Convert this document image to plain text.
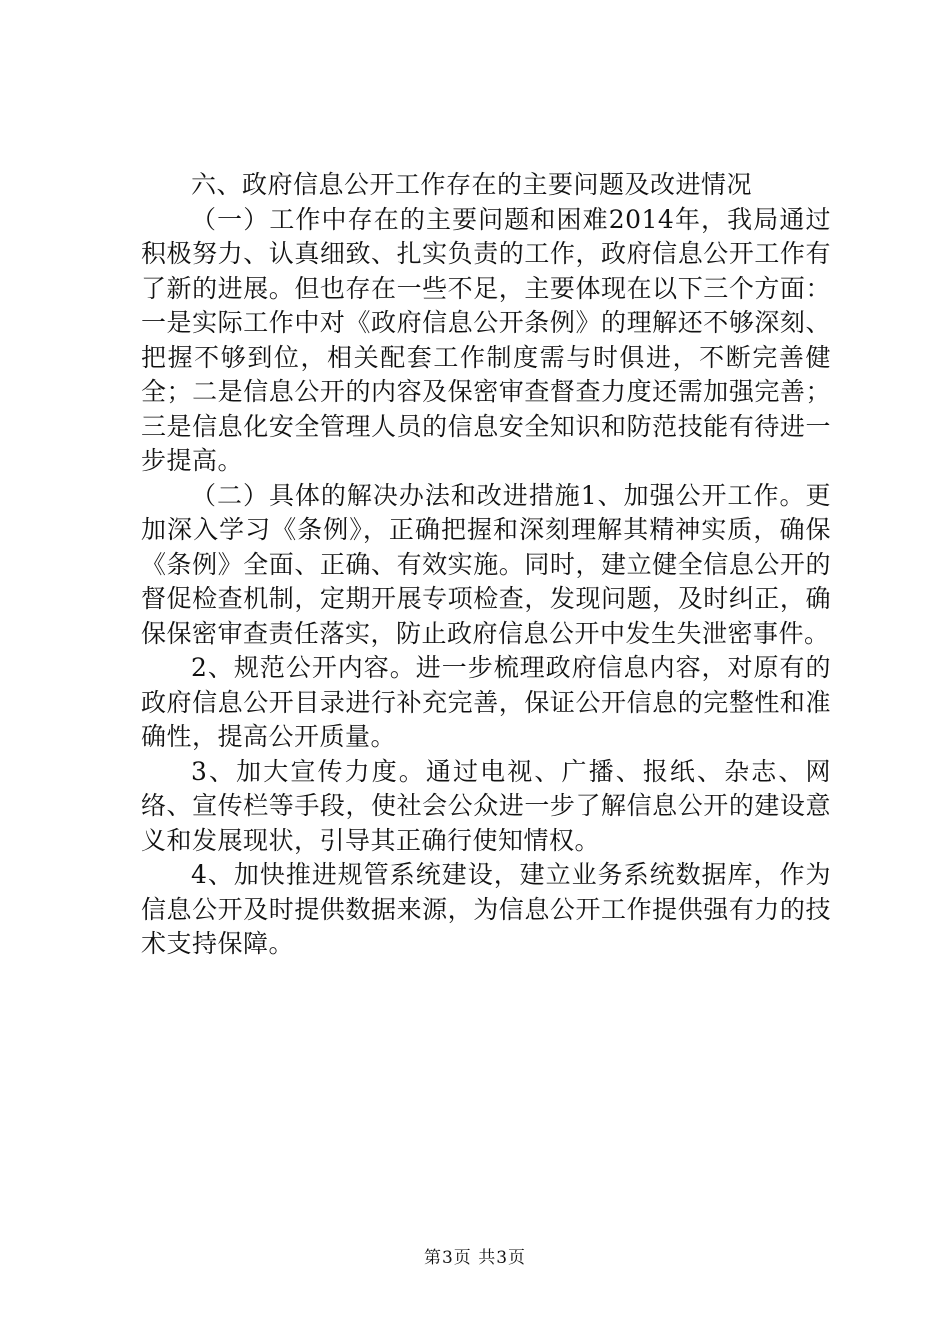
六、政府信息公开工作存在的主要问题及改进情况

（一）工作中存在的主要问题和困难2014年，我局通过积极努力、认真细致、扎实负责的工作，政府信息公开工作有了新的进展。但也存在一些不足，主要体现在以下三个方面：一是实际工作中对《政府信息公开条例》的理解还不够深刻、把握不够到位，相关配套工作制度需与时俱进，不断完善健全；二是信息公开的内容及保密审查督查力度还需加强完善；三是信息化安全管理人员的信息安全知识和防范技能有待进一步提高。

（二）具体的解决办法和改进措施1、加强公开工作。更加深入学习《条例》，正确把握和深刻理解其精神实质，确保《条例》全面、正确、有效实施。同时，建立健全信息公开的督促检查机制，定期开展专项检查，发现问题，及时纠正，确保保密审查责任落实，防止政府信息公开中发生失泄密事件。

2、规范公开内容。进一步梳理政府信息内容，对原有的政府信息公开目录进行补充完善，保证公开信息的完整性和准确性，提高公开质量。

3、加大宣传力度。通过电视、广播、报纸、杂志、网络、宣传栏等手段，使社会公众进一步了解信息公开的建设意义和发展现状，引导其正确行使知情权。

4、加快推进规管系统建设，建立业务系统数据库，作为信息公开及时提供数据来源，为信息公开工作提供强有力的技术支持保障。

第3页 共3页
